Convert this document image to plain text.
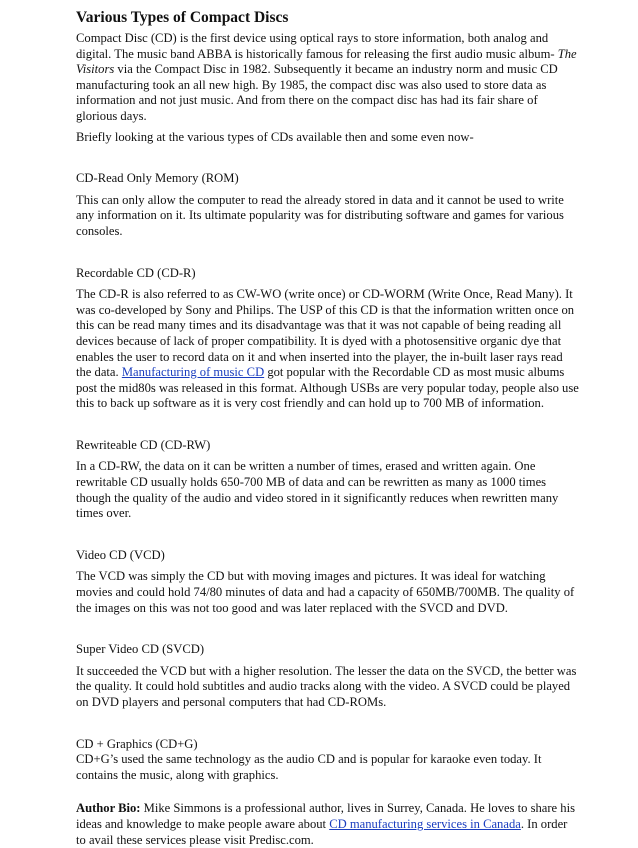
Various Types of Compact Discs

Compact Disc (CD) is the first device using optical rays to store information, both analog and digital. The music band ABBA is historically famous for releasing the first audio music album- The Visitors via the Compact Disc in 1982. Subsequently it became an industry norm and music CD manufacturing took an all new high. By 1985, the compact disc was also used to store data as information and not just music. And from there on the compact disc has had its fair share of glorious days.

Briefly looking at the various types of CDs available then and some even now-

CD-Read Only Memory (ROM)

This can only allow the computer to read the already stored in data and it cannot be used to write any information on it. Its ultimate popularity was for distributing software and games for various consoles.

Recordable CD (CD-R)

The CD-R is also referred to as CW-WO (write once) or CD-WORM (Write Once, Read Many). It was co-developed by Sony and Philips. The USP of this CD is that the information written once on this can be read many times and its disadvantage was that it was not capable of being reading all devices because of lack of proper compatibility. It is dyed with a photosensitive organic dye that enables the user to record data on it and when inserted into the player, the in-built laser rays read the data. Manufacturing of music CD got popular with the Recordable CD as most music albums post the mid80s was released in this format. Although USBs are very popular today, people also use this to back up software as it is very cost friendly and can hold up to 700 MB of information.

Rewriteable CD (CD-RW)

In a CD-RW, the data on it can be written a number of times, erased and written again. One rewritable CD usually holds 650-700 MB of data and can be rewritten as many as 1000 times though the quality of the audio and video stored in it significantly reduces when rewritten many times over.

Video CD (VCD)

The VCD was simply the CD but with moving images and pictures. It was ideal for watching movies and could hold 74/80 minutes of data and had a capacity of 650MB/700MB. The quality of the images on this was not too good and was later replaced with the SVCD and DVD.

Super Video CD (SVCD)

It succeeded the VCD but with a higher resolution. The lesser the data on the SVCD, the better was the quality. It could hold subtitles and audio tracks along with the video. A SVCD could be played on DVD players and personal computers that had CD-ROMs.

CD + Graphics (CD+G)

CD+G’s used the same technology as the audio CD and is popular for karaoke even today. It contains the music, along with graphics.

Author Bio: Mike Simmons is a professional author, lives in Surrey, Canada. He loves to share his ideas and knowledge to make people aware about CD manufacturing services in Canada. In order to avail these services please visit Predisc.com.
